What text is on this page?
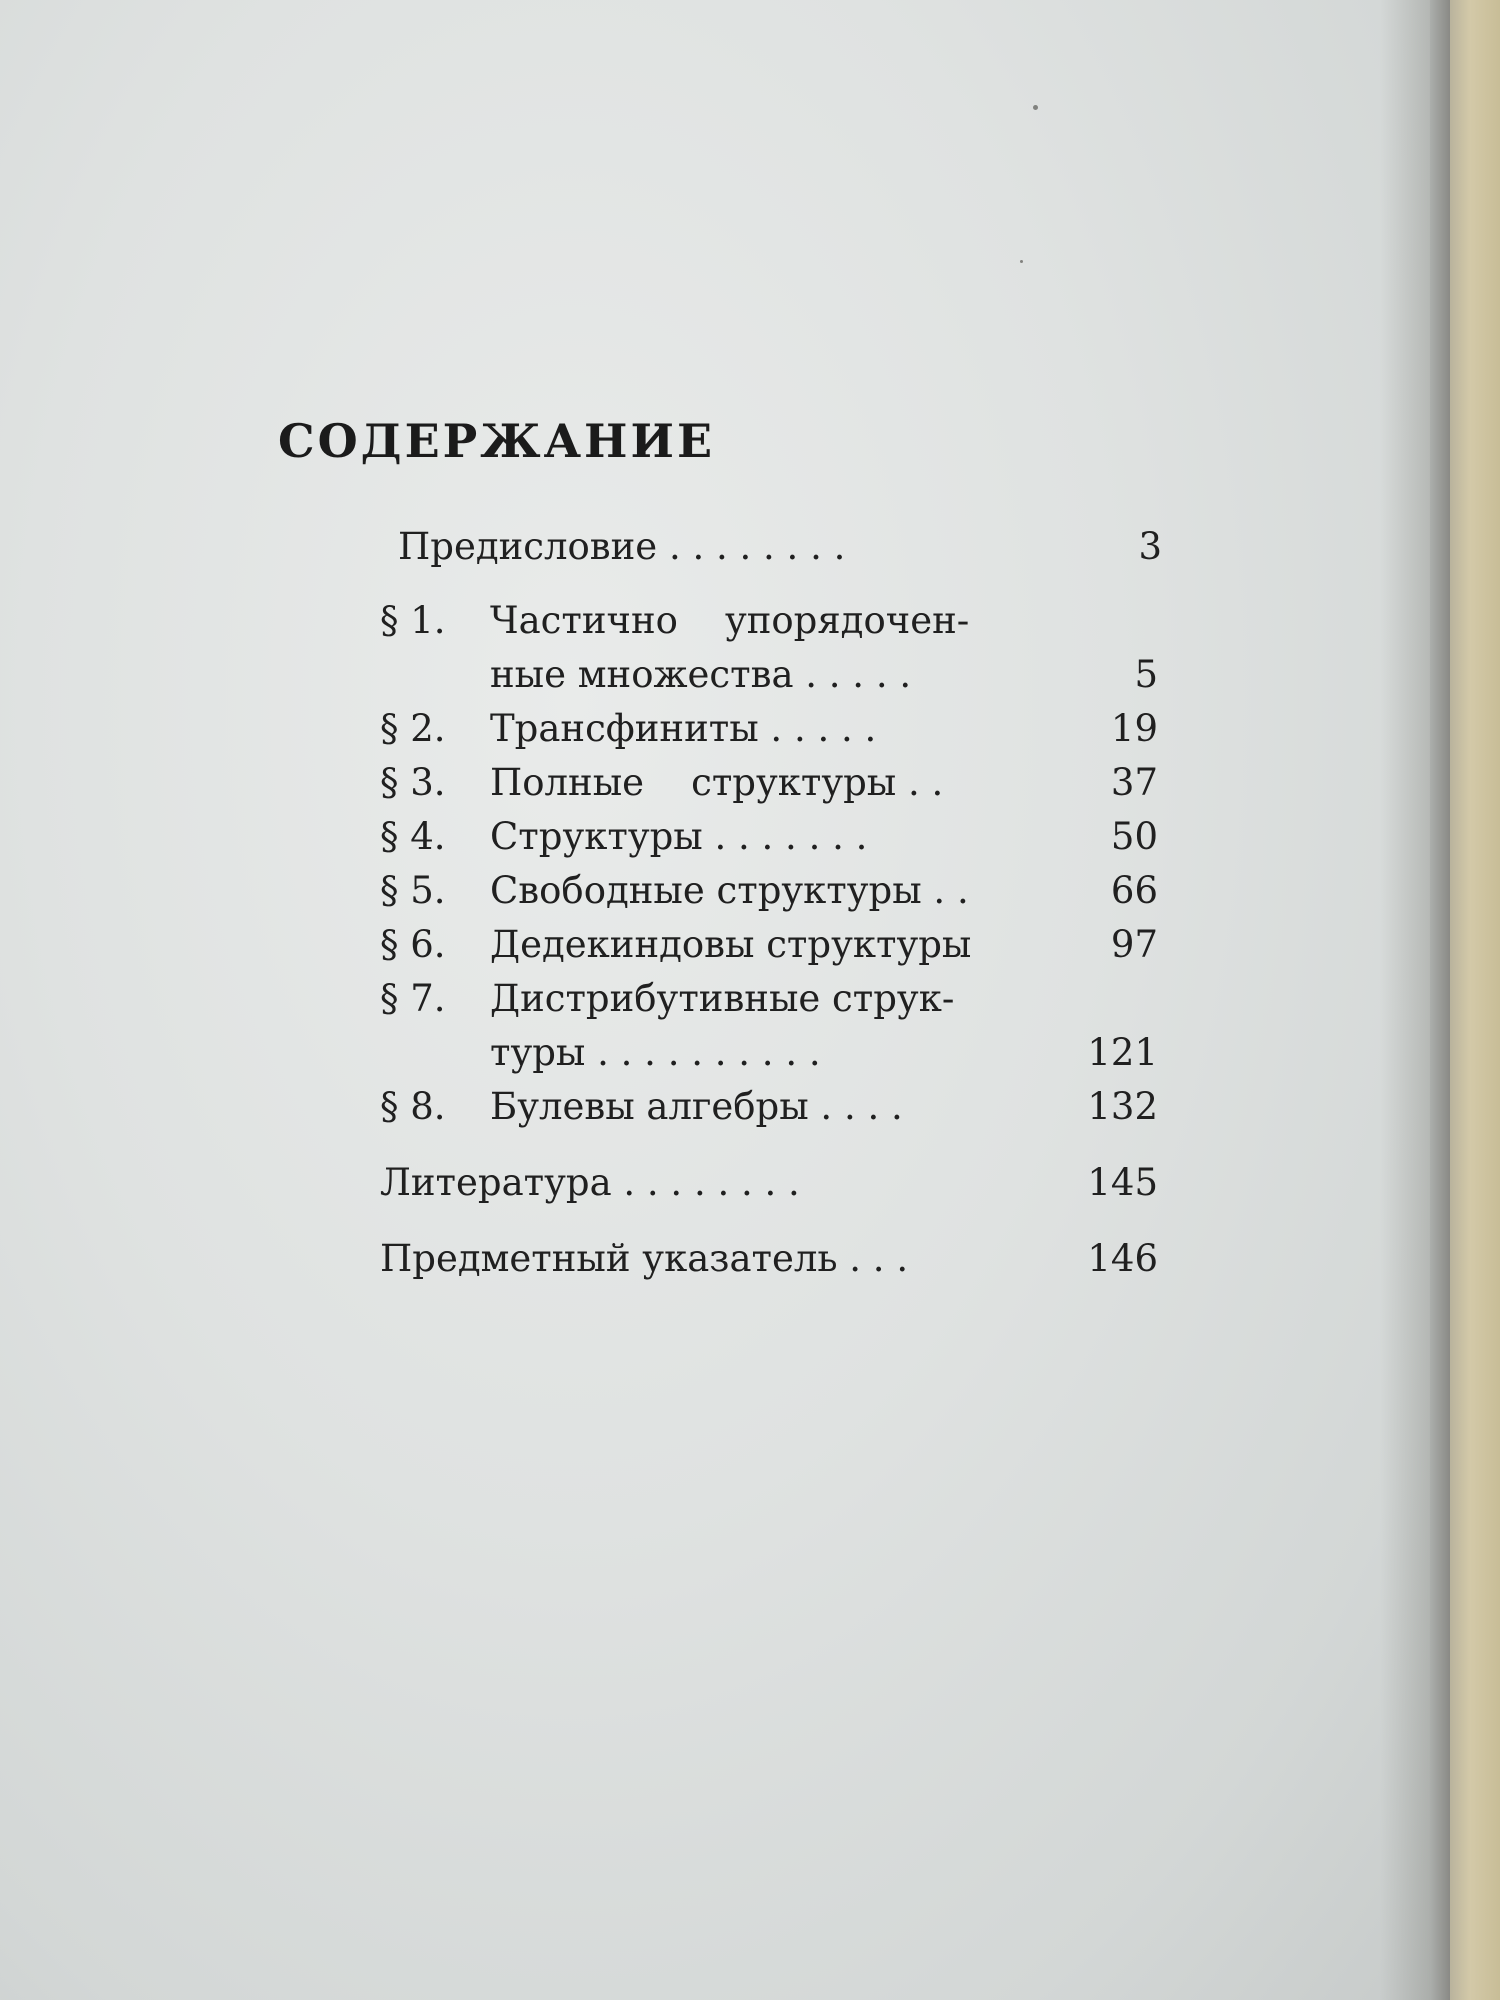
СОДЕРЖАНИЕ
Предисловие . . . . . . . .	3
§ 1.	Частично    упорядочен-
ные множества . . . . .	5
§ 2.	Трансфиниты . . . . .	19
§ 3.	Полные    структуры . .	37
§ 4.	Структуры . . . . . . .	50
§ 5.	Свободные структуры . .	66
§ 6.	Дедекиндовы структуры	97
§ 7.	Дистрибутивные струк-
туры . . . . . . . . . .	121
§ 8.	Булевы алгебры . . . .	132
Литература . . . . . . . .	145
Предметный указатель . . .	146
